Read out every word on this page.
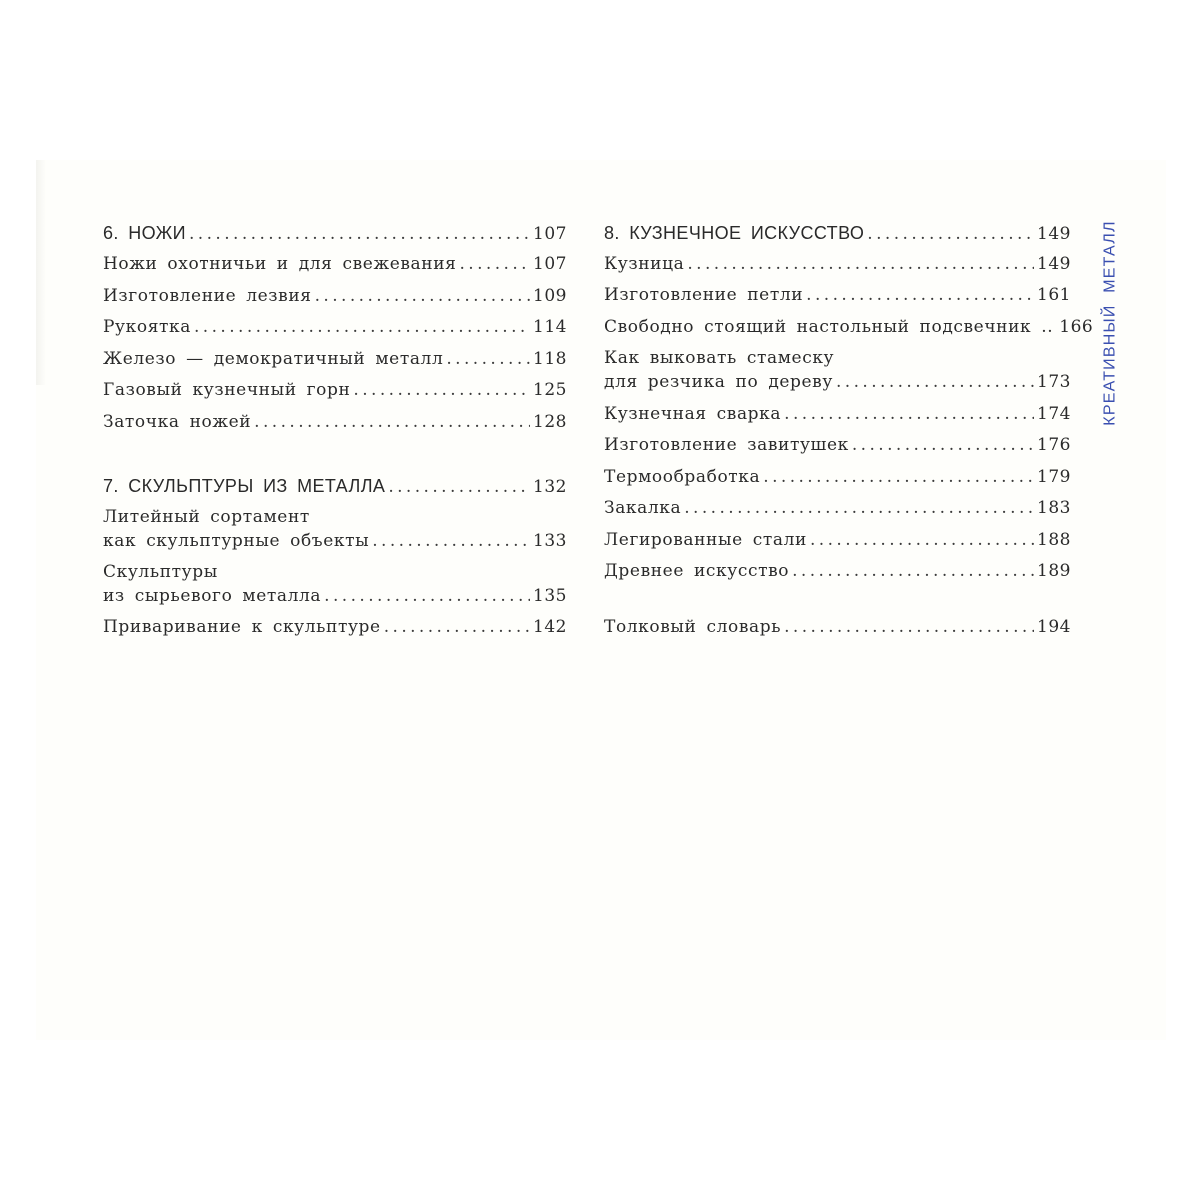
6. НОЖИ . . .	107
Ножи охотничьи и для свежевания . . .	107
Изготовление лезвия . . .	109
Рукоятка . . .	114
Железо — демократичный металл . . .	118
Газовый кузнечный горн . . .	125
Заточка ножей . . .	128
7. СКУЛЬПТУРЫ ИЗ МЕТАЛЛА . . .	132
Литейный сортамент
как скульптурные объекты . . .	133
Скульптуры
из сырьевого металла . . .	135
Приваривание к скульптуре . . .	142
8. КУЗНЕЧНОЕ ИСКУССТВО . . .	149
Кузница . . .	149
Изготовление петли . . .	161
Свободно стоящий настольный подсвечник .. 166
Как выковать стамеску
для резчика по дереву . . .	173
Кузнечная сварка . . .	174
Изготовление завитушек . . .	176
Термообработка . . .	179
Закалка . . .	183
Легированные стали . . .	188
Древнее искусство . . .	189
Толковый словарь . . .	194
КРЕАТИВНЫЙ МЕТАЛЛ
